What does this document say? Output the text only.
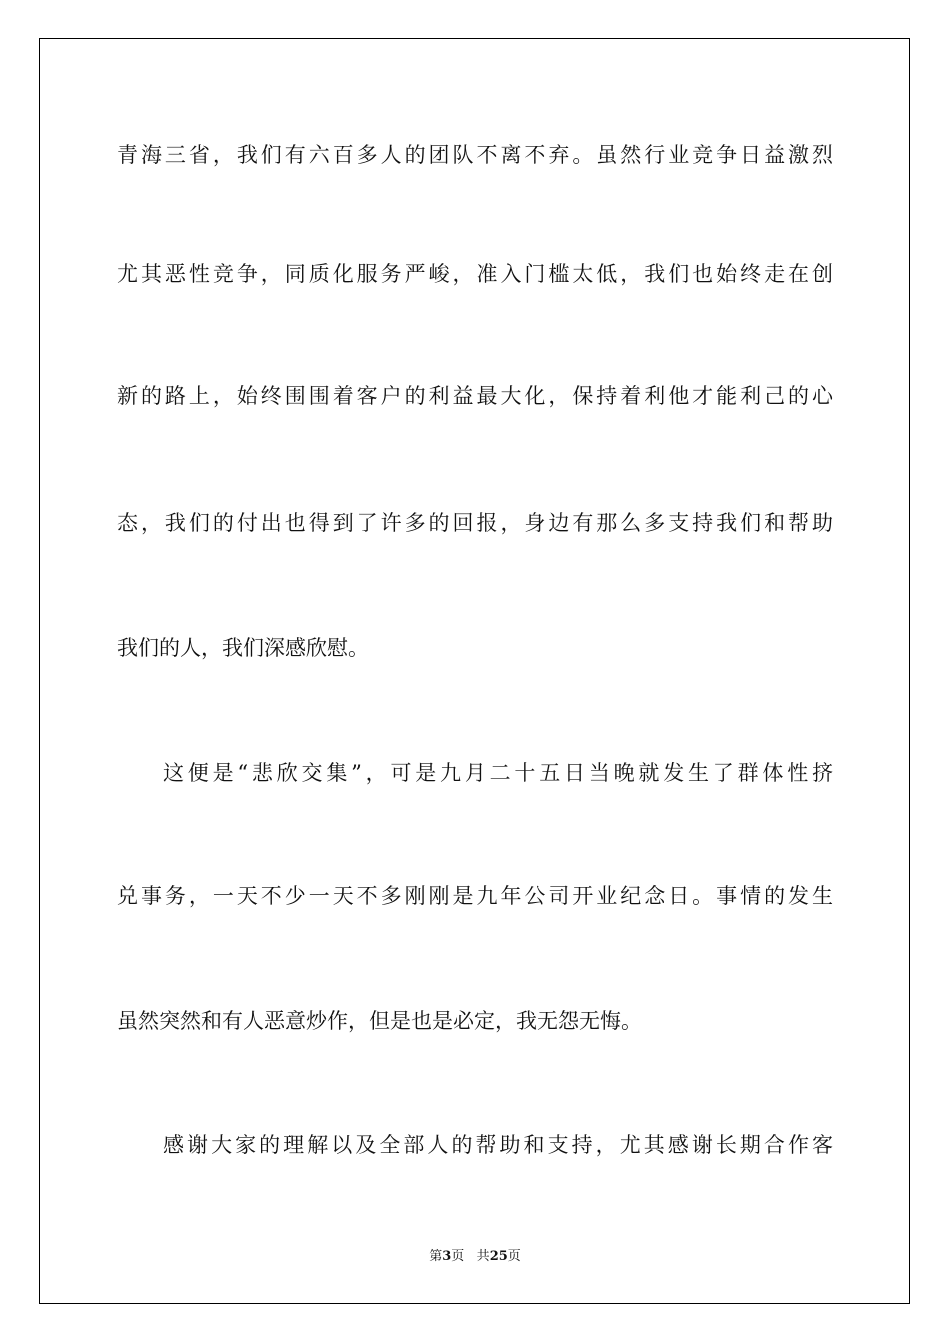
青海三省，我们有六百多人的团队不离不弃。虽然行业竞争日益激烈
尤其恶性竞争，同质化服务严峻，准入门槛太低，我们也始终走在创
新的路上，始终围围着客户的利益最大化，保持着利他才能利己的心
态，我们的付出也得到了许多的回报，身边有那么多支持我们和帮助
我们的人，我们深感欣慰。
这便是“悲欣交集”，可是九月二十五日当晚就发生了群体性挤
兑事务，一天不少一天不多刚刚是九年公司开业纪念日。事情的发生
虽然突然和有人恶意炒作，但是也是必定，我无怨无悔。
感谢大家的理解以及全部人的帮助和支持，尤其感谢长期合作客
第3页 共25页
